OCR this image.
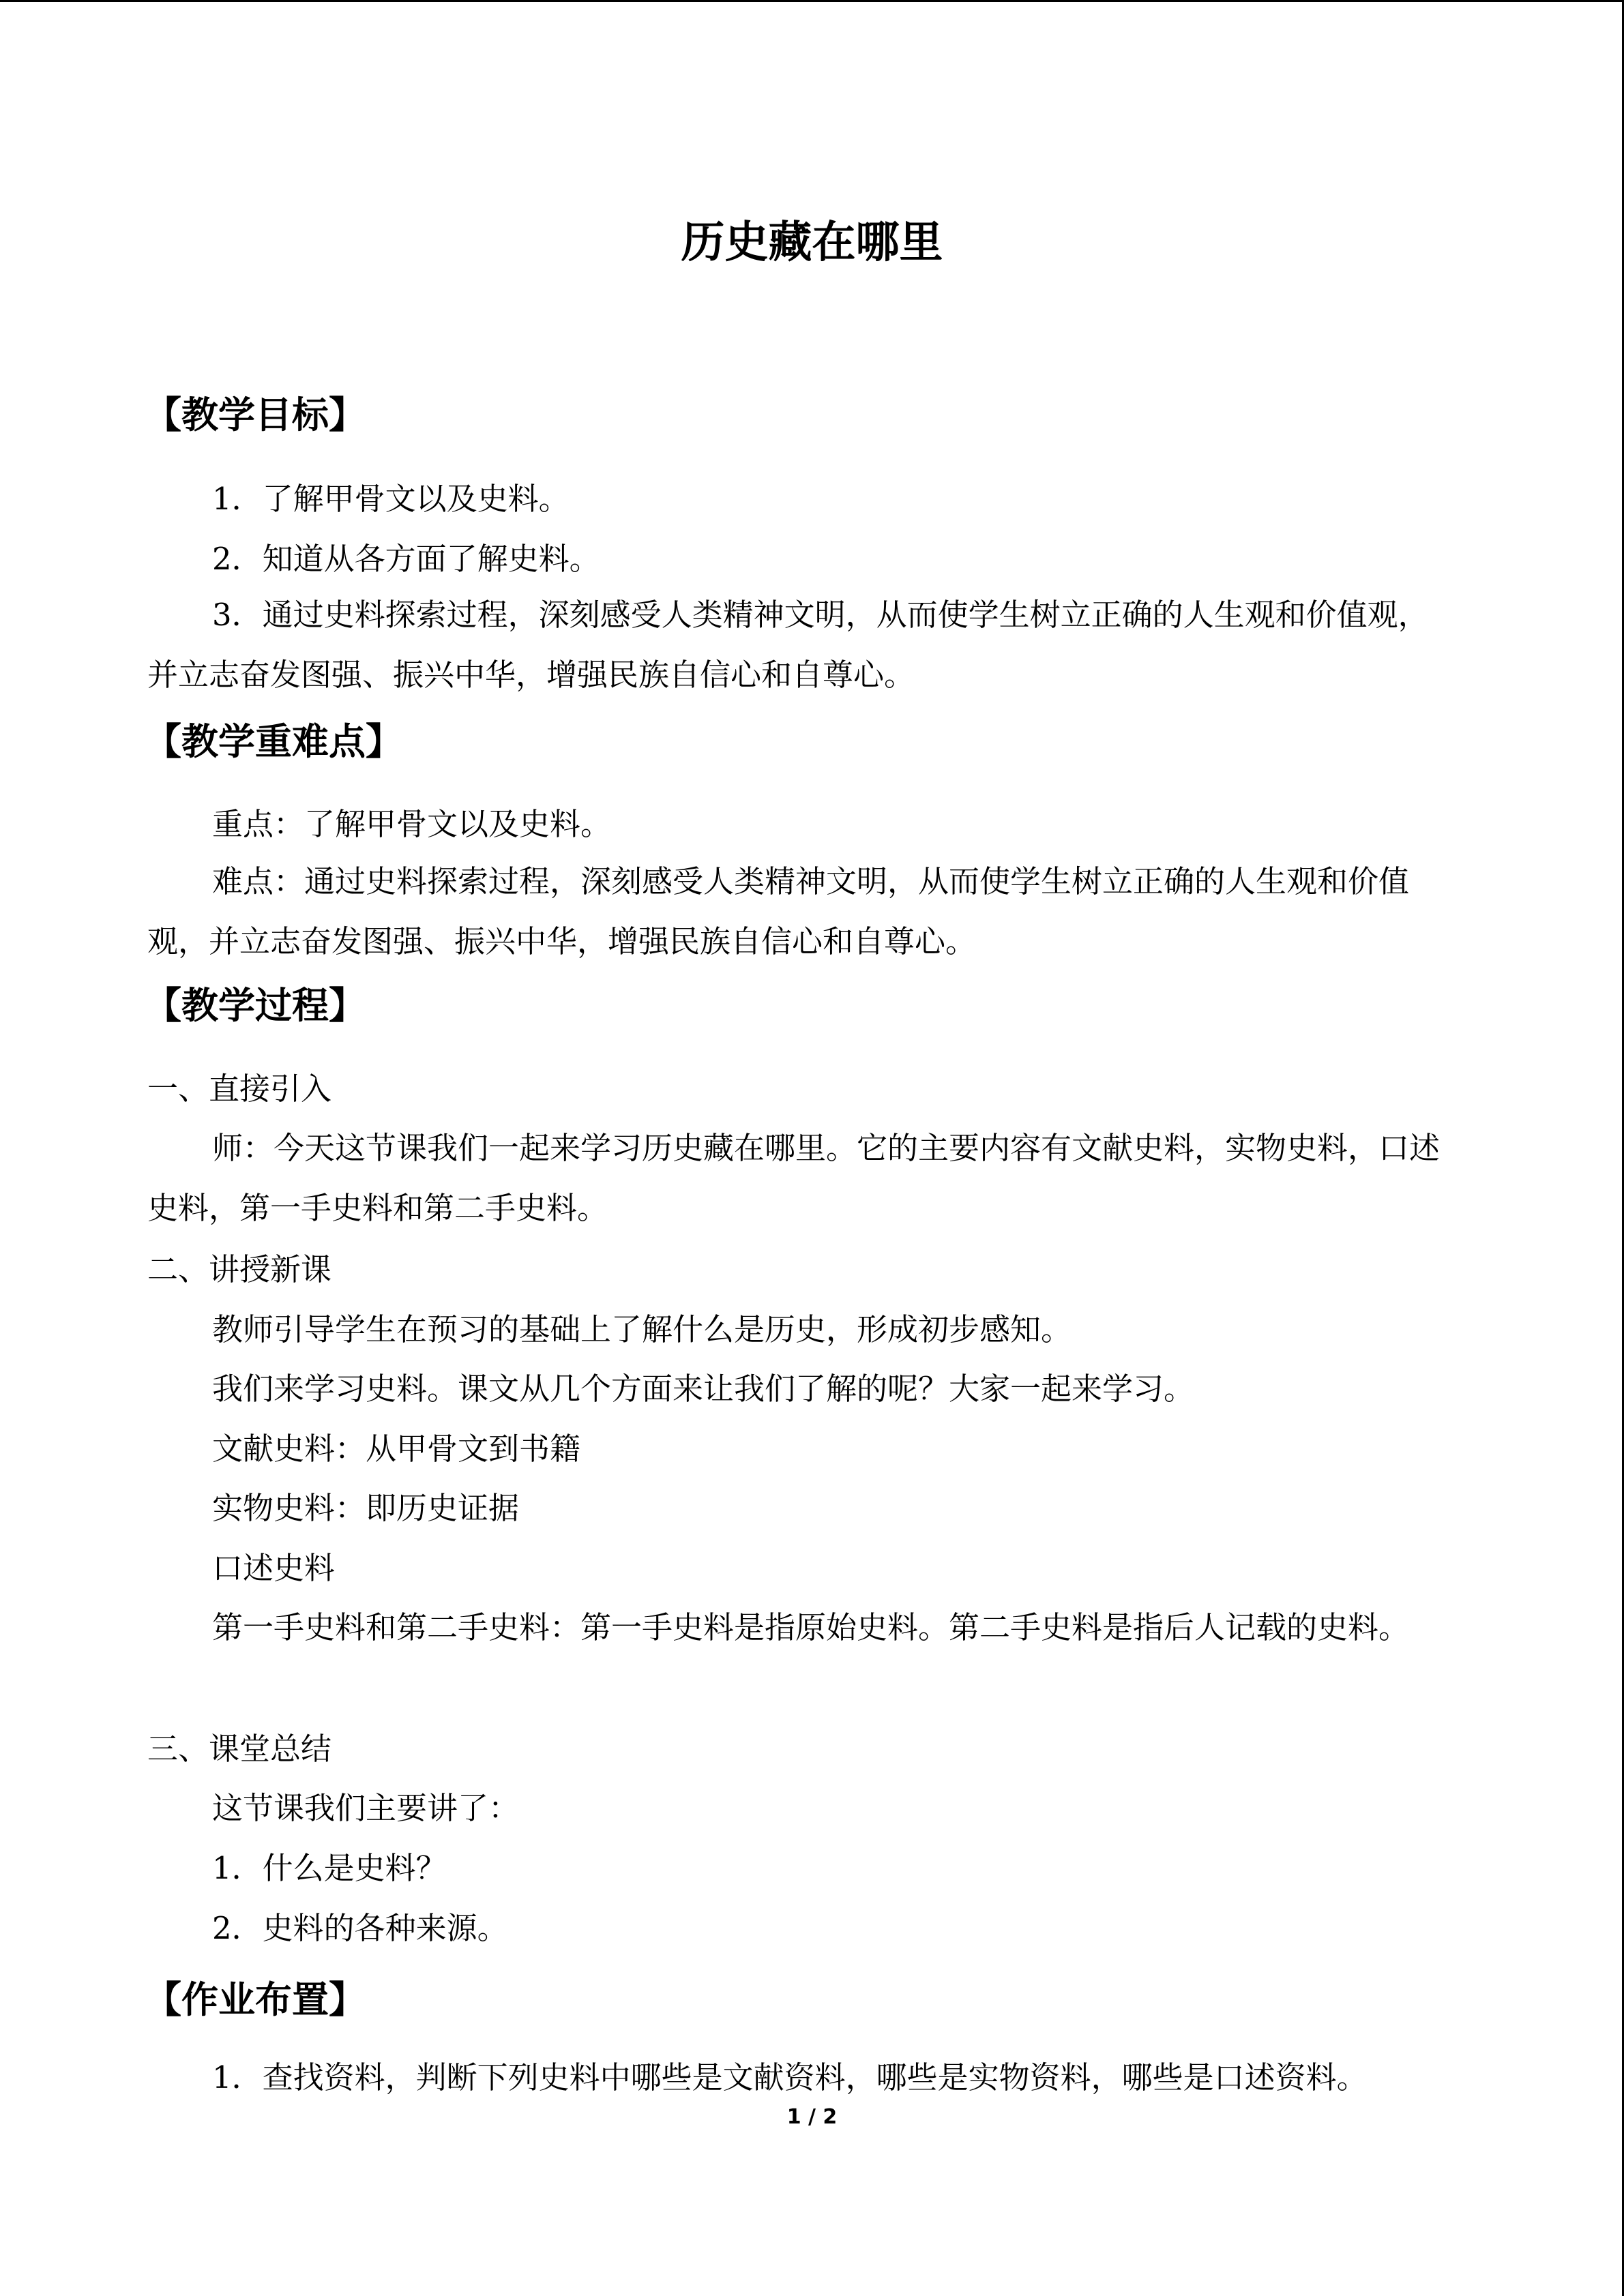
历史藏在哪里
【教学目标】
1．了解甲骨文以及史料。
2．知道从各方面了解史料。
3．通过史料探索过程，深刻感受人类精神文明，从而使学生树立正确的人生观和价值观，并立志奋发图强、振兴中华，增强民族自信心和自尊心。
【教学重难点】
重点：了解甲骨文以及史料。
难点：通过史料探索过程，深刻感受人类精神文明，从而使学生树立正确的人生观和价值观，并立志奋发图强、振兴中华，增强民族自信心和自尊心。
【教学过程】
一、直接引入
师：今天这节课我们一起来学习历史藏在哪里。它的主要内容有文献史料，实物史料，口述史料，第一手史料和第二手史料。
二、讲授新课
教师引导学生在预习的基础上了解什么是历史，形成初步感知。
我们来学习史料。课文从几个方面来让我们了解的呢？大家一起来学习。
文献史料：从甲骨文到书籍
实物史料：即历史证据
口述史料
第一手史料和第二手史料：第一手史料是指原始史料。第二手史料是指后人记载的史料。
三、课堂总结
这节课我们主要讲了：
1．什么是史料？
2．史料的各种来源。
【作业布置】
1．查找资料，判断下列史料中哪些是文献资料，哪些是实物资料，哪些是口述资料。
1 / 2
